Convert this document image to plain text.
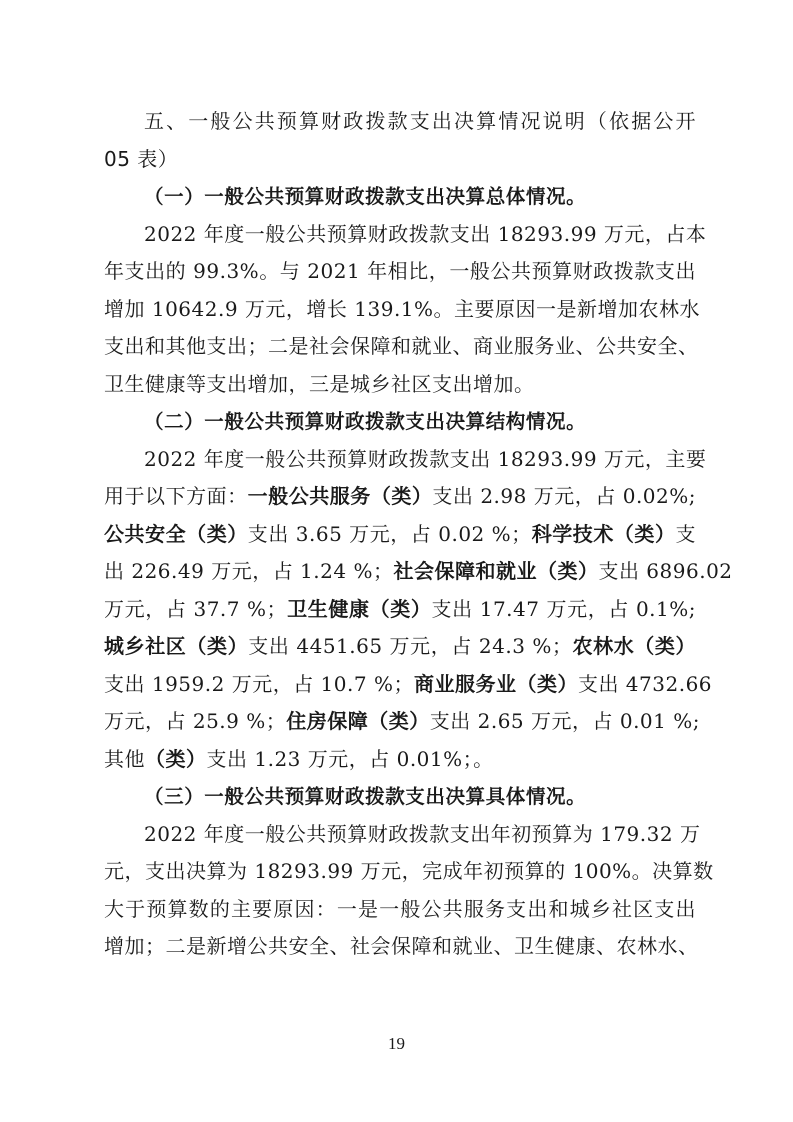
五、一般公共预算财政拨款支出决算情况说明（依据公开
05 表）
（一）一般公共预算财政拨款支出决算总体情况。
2022 年度一般公共预算财政拨款支出 18293.99 万元，占本
年支出的 99.3%。与 2021 年相比，一般公共预算财政拨款支出
增加 10642.9 万元，增长 139.1%。主要原因一是新增加农林水
支出和其他支出；二是社会保障和就业、商业服务业、公共安全、
卫生健康等支出增加，三是城乡社区支出增加。
（二）一般公共预算财政拨款支出决算结构情况。
2022 年度一般公共预算财政拨款支出 18293.99 万元，主要
用于以下方面：一般公共服务（类）支出 2.98 万元，占 0.02%;
公共安全（类）支出 3.65 万元，占 0.02 %；科学技术（类）支
出 226.49 万元，占 1.24 %；社会保障和就业（类）支出 6896.02
万元，占 37.7 %；卫生健康（类）支出 17.47 万元，占 0.1%;
城乡社区（类）支出 4451.65 万元，占 24.3 %；农林水（类）
支出 1959.2 万元，占 10.7 %；商业服务业（类）支出 4732.66
万元，占 25.9 %；住房保障（类）支出 2.65 万元，占 0.01 %;
其他（类）支出 1.23 万元，占 0.01%；。
（三）一般公共预算财政拨款支出决算具体情况。
2022 年度一般公共预算财政拨款支出年初预算为 179.32 万
元，支出决算为 18293.99 万元，完成年初预算的 100%。决算数
大于预算数的主要原因：一是一般公共服务支出和城乡社区支出
增加；二是新增公共安全、社会保障和就业、卫生健康、农林水、
19
